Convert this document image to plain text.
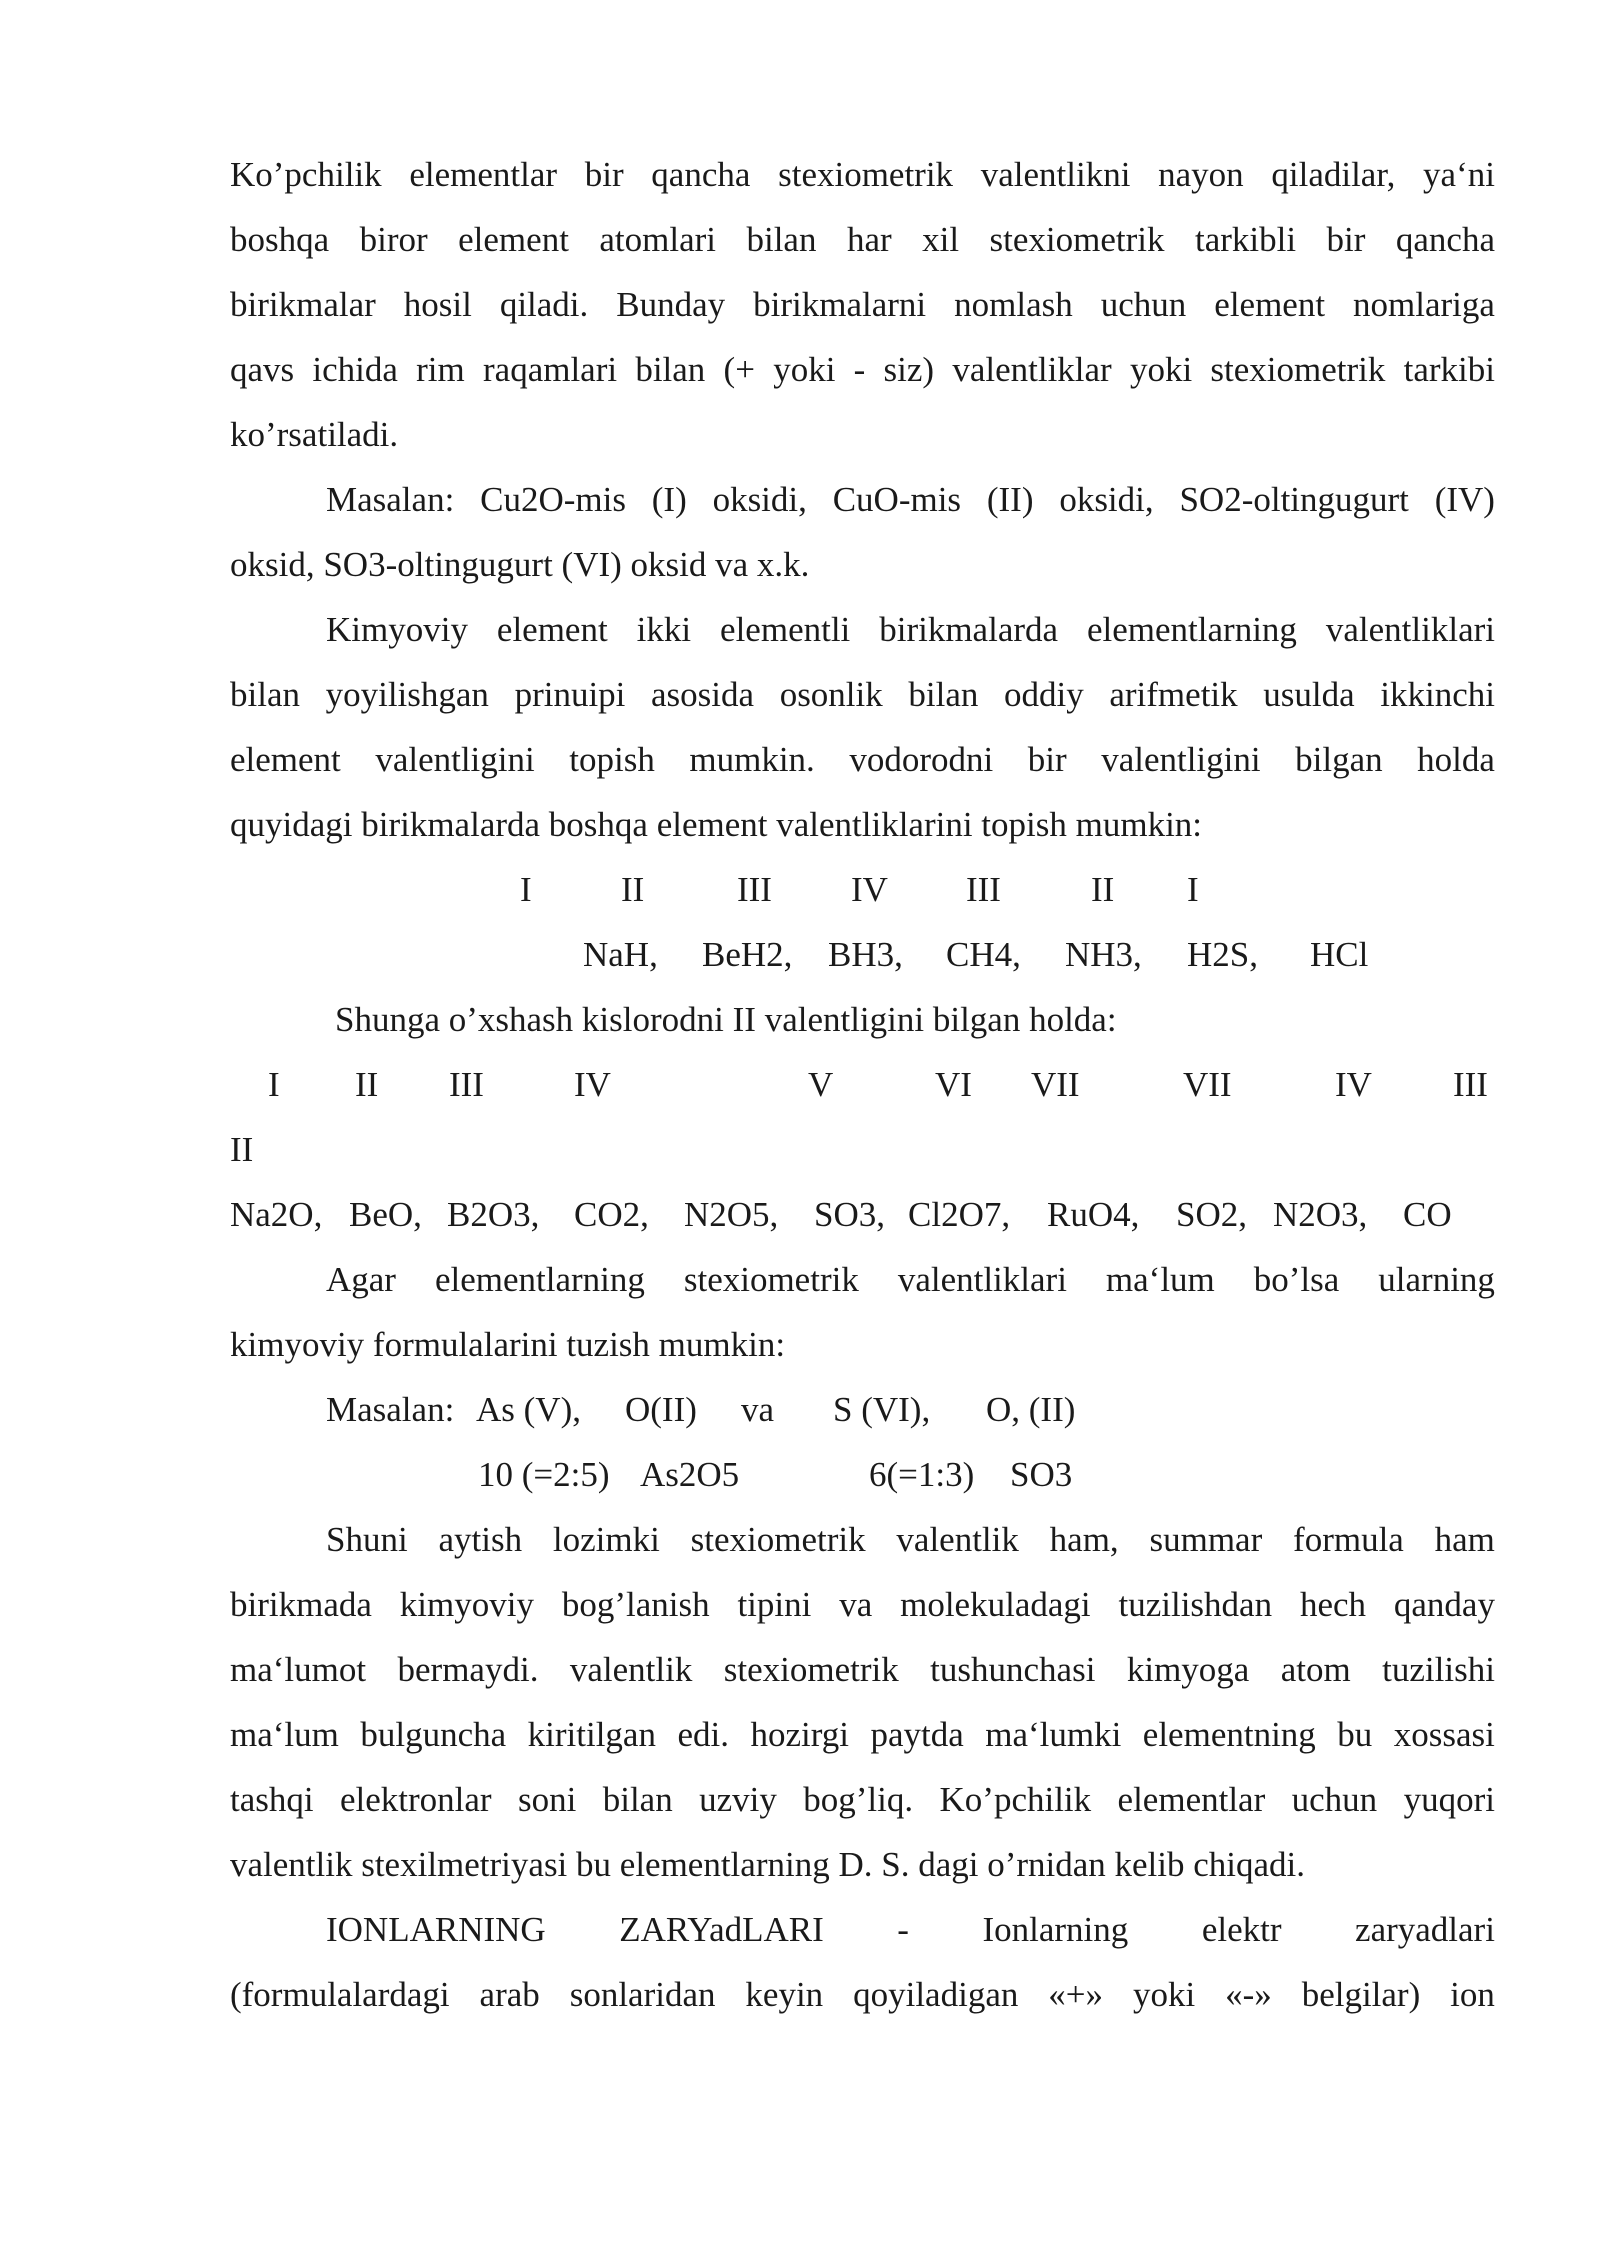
Ko’pchilik elementlar bir qancha stexiometrik valentlikni nayon qiladilar, ya‘ni
boshqa biror element atomlari bilan har xil stexiometrik tarkibli bir qancha
birikmalar hosil qiladi. Bunday birikmalarni nomlash uchun element nomlariga
qavs ichida rim raqamlari bilan (+ yoki - siz) valentliklar yoki stexiometrik tarkibi
ko’rsatiladi.
Masalan: Cu2O-mis (I) oksidi, CuO-mis (II) oksidi, SO2-oltingugurt (IV)
oksid, SO3-oltingugurt (VI) oksid va x.k.
Kimyoviy element ikki elementli birikmalarda elementlarning valentliklari
bilan yoyilishgan prinuipi asosida osonlik bilan oddiy arifmetik usulda ikkinchi
element valentligini topish mumkin. vodorodni bir valentligini bilgan holda
quyidagi birikmalarda boshqa element valentliklarini topish mumkin:
I	II	III IV III	II I
NaH, BeH2, BH3, CH4, NH3, H2S, HCl
Shunga o’xshash kislorodni II valentligini bilgan holda:
I II III	IV	V	VI VII	VII	IV III
II
Na2O, BeO, B2O3, CO2, N2O5, SO3, Cl2O7, RuO4, SO2, N2O3, CO
Agar elementlarning stexiometrik valentliklari ma‘lum bo’lsa ularning
kimyoviy formulalarini tuzish mumkin:
Masalan: As (V), O(II) va S (VI), O, (II)
10 (=2:5) As2O5	6(=1:3) SO3
Shuni aytish lozimki stexiometrik valentlik ham, summar formula ham
birikmada kimyoviy bog’lanish tipini va molekuladagi tuzilishdan hech qanday
ma‘lumot bermaydi. valentlik stexiometrik tushunchasi kimyoga atom tuzilishi
ma‘lum bulguncha kiritilgan edi. hozirgi paytda ma‘lumki elementning bu xossasi
tashqi elektronlar soni bilan uzviy bog’liq. Ko’pchilik elementlar uchun yuqori
valentlik stexilmetriyasi bu elementlarning D. S. dagi o’rnidan kelib chiqadi.
IONLARNING ZARYadLARI - Ionlarning elektr zaryadlari
(formulalardagi arab sonlaridan keyin qoyiladigan «+» yoki «-» belgilar) ion
